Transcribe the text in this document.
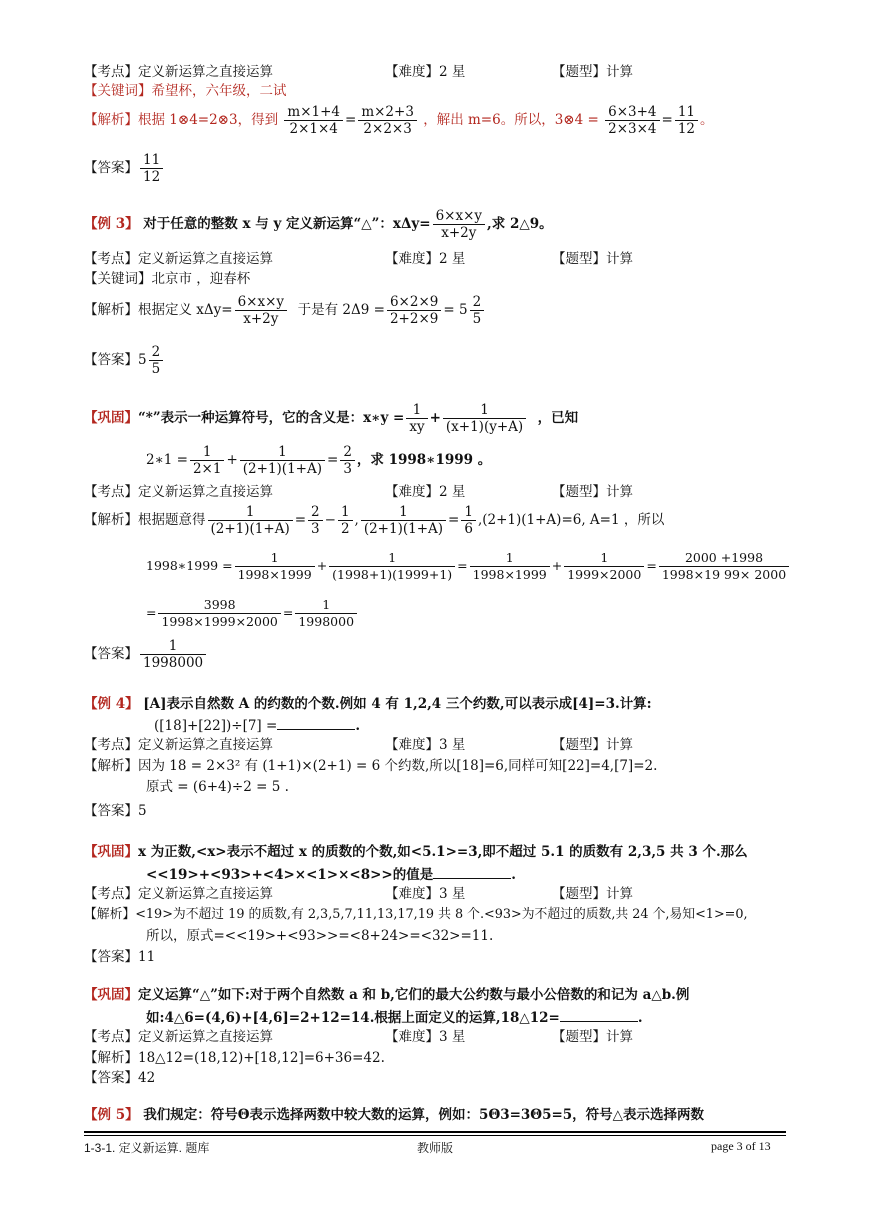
【考点】定义新运算之直接运算	【难度】2 星	【题型】计算
【关键词】希望杯，六年级，二试
【解析】根据 1⊗4=2⊗3，得到 $\frac{m\times 1+4}{2\times 1\times 4} = \frac{m\times 2+3}{2\times 2\times 3}$ ，解出 m=6。所以，3⊗4 = $\frac{6\times 3+4}{2\times 3\times 4} = \frac{11}{12}$ 。
【答案】 $\frac{11}{12}$
【例 3】 对于任意的整数 x 与 y 定义新运算“△”：$x\Delta y= \frac{6\times x\times y}{x+2y}$ ,求 2△9。
【考点】定义新运算之直接运算	【难度】2 星	【题型】计算
【关键词】北京市 ，迎春杯
【解析】根据定义 $x\Delta y= \frac{6\times x\times y}{x+2y}$ 于是有 $2\Delta 9 = \frac{6\times 2\times 9}{2+2\times 9} = 5 \frac{2}{5}$
【答案】$5 \frac{2}{5}$
【巩固】“*”表示一种运算符号，它的含义是：x∗y = $\frac{1}{xy} + \frac{1}{(x+1)(y+A)}$ ，已知
2∗1 = $\frac{1}{2\times 1} + \frac{1}{(2+1)(1+A)} = \frac{2}{3}$ ，求 1998∗1999 。
【考点】定义新运算之直接运算	【难度】2 星	【题型】计算
【解析】根据题意得 $\frac{1}{(2+1)(1+A)} = \frac{2}{3} - \frac{1}{2}$ , $\frac{1}{(2+1)(1+A)} = \frac{1}{6} ,(2+1)(1+A)=6$, A=1 ，所以
1998∗1999 = $\frac{1}{1998\times 1999} + \frac{1}{(1998+1)(1999+1)} = \frac{1}{1998\times 1999} + \frac{1}{1999\times 2000} = \frac{2000 +1998}{1998\times 19 99\times 2000}$
= $\frac{3998}{1998\times 1999\times 2000} = \frac{1}{1998000}$
【答案】 $\frac{1}{1998000}$
【例 4】 [A]表示自然数 A 的约数的个数.例如 4 有 1,2,4 三个约数,可以表示成[4]=3.计算:
([18]+[22])÷[7] =	.
【考点】定义新运算之直接运算	【难度】3 星	【题型】计算
【解析】因为 18 = 2×3² 有 (1+1)×(2+1) = 6 个约数,所以[18]=6,同样可知[22]=4,[7]=2.
原式 = (6+4)÷2 = 5 .
【答案】5
【巩固】x 为正数,<x>表示不超过 x 的质数的个数,如<5.1>=3,即不超过 5.1 的质数有 2,3,5 共 3 个.那么
<<19>+<93>+<4>×<1>×<8>>的值是	.
【考点】定义新运算之直接运算	【难度】3 星	【题型】计算
【解析】<19>为不超过 19 的质数,有 2,3,5,7,11,13,17,19 共 8 个.<93>为不超过的质数,共 24 个,易知<1>=0,
所以，原式=<<19>+<93>>=<8+24>=<32>=11.
【答案】11
【巩固】定义运算“△”如下:对于两个自然数 a 和 b,它们的最大公约数与最小公倍数的和记为 a△b.例
如:4△6=(4,6)+[4,6]=2+12=14.根据上面定义的运算,18△12=	.
【考点】定义新运算之直接运算	【难度】3 星	【题型】计算
【解析】18△12=(18,12)+[18,12]=6+36=42.
【答案】42
【例 5】 我们规定：符号Θ表示选择两数中较大数的运算，例如：5Θ3=3Θ5=5，符号△表示选择两数
1-3-1. 定义新运算. 题库	教师版	page 3 of 13
